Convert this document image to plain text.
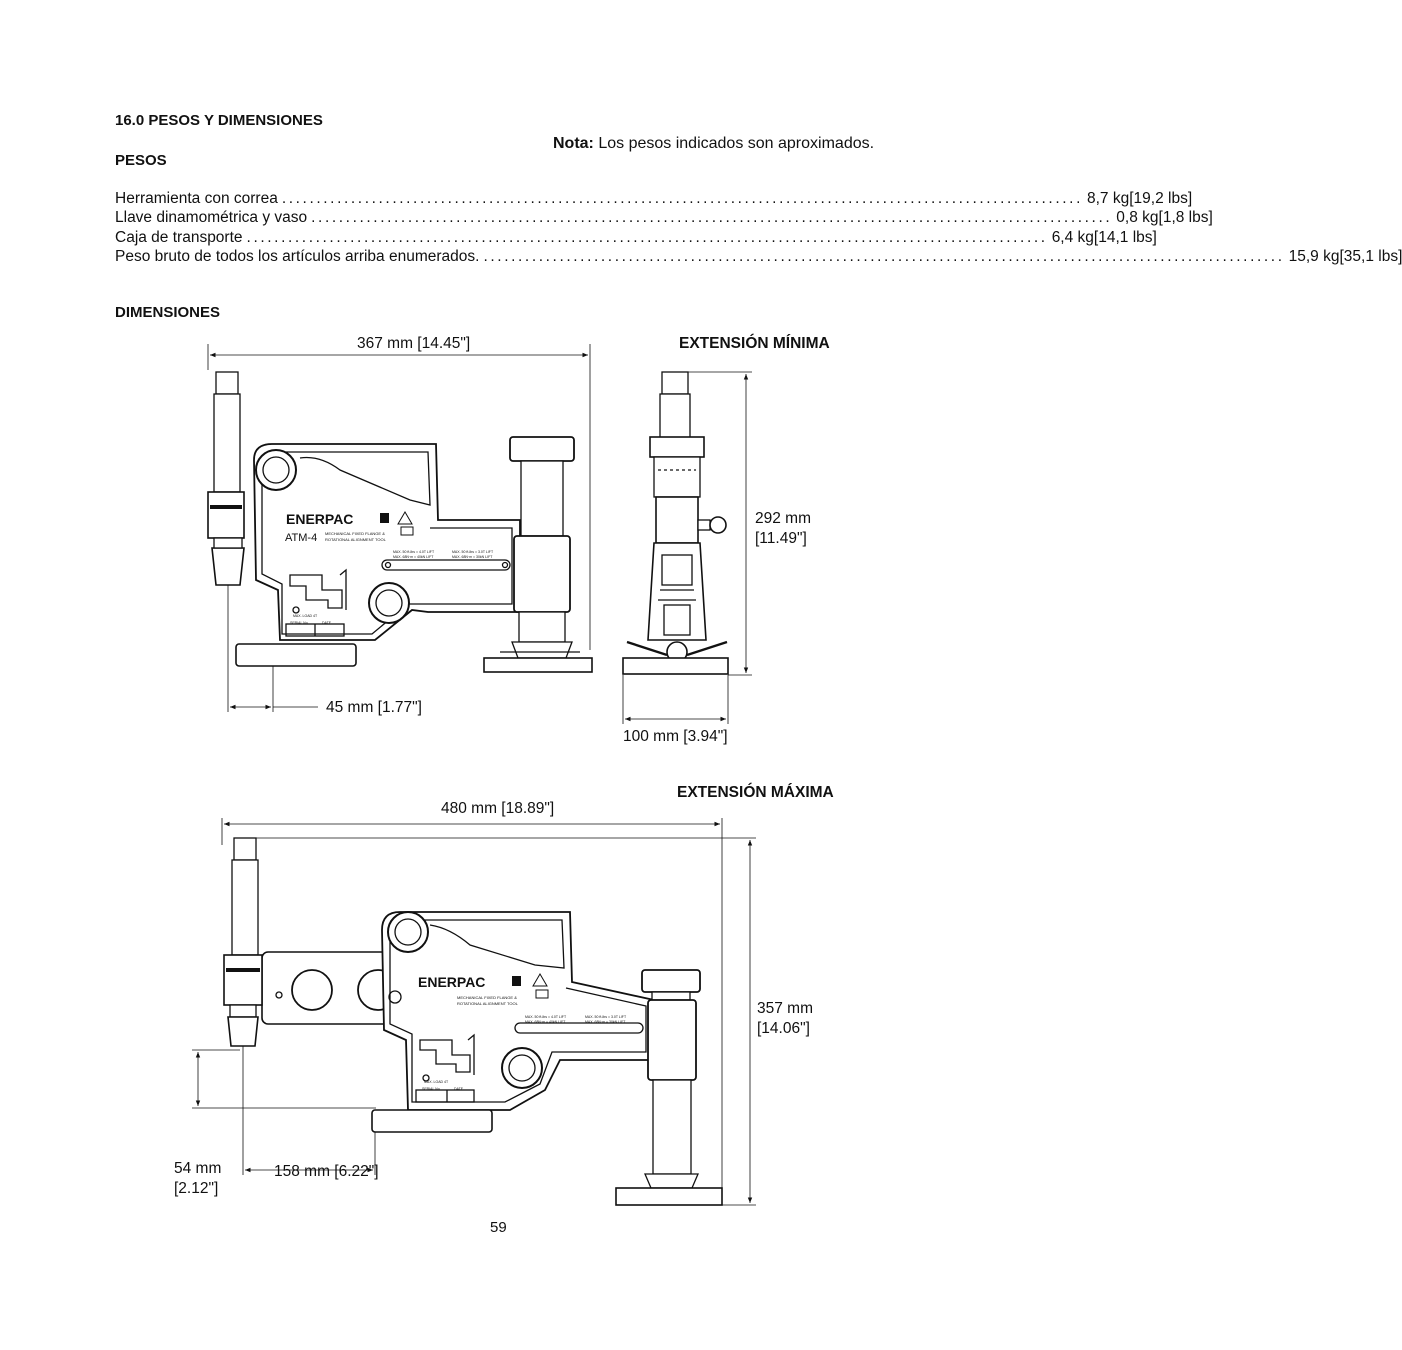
16.0 PESOS Y DIMENSIONES
Nota: Los pesos indicados son aproximados.
PESOS
Herramienta con correa .................................................................................................................... 8,7 kg [19,2 lbs]
Llave dinamométrica y vaso .................................................................................................................... 0,8 kg [1,8 lbs]
Caja de transporte .................................................................................................................... 6,4 kg [14,1 lbs]
Peso bruto de todos los artículos arriba enumerados. .................................................................................................................... 15,9 kg [35,1 lbs]
DIMENSIONES
367 mm [14.45"]	EXTENSIÓN MÍNIMA
292 mm
[11.49"]
45 mm [1.77"]
100 mm [3.94"]
EXTENSIÓN MÁXIMA
480 mm [18.89"]
357 mm
[14.06"]
54 mm
[2.12"]
158 mm [6.22"]
59
ENERPAC
ATM-4 MECHANICAL FIXED FLANGE &
ROTATIONAL ALIGNMENT TOOL
MAX. 50 ft-lbs = 4.0T LIFT
MAX. 68N·m = 40kN LIFT
MAX. 50 ft-lbs = 3.0T LIFT
MAX. 68N·m = 30kN LIFT
MAX. LOAD 4T
SERIAL No.	DATE
ENERPAC
MECHANICAL FIXED FLANGE &
ROTATIONAL ALIGNMENT TOOL
MAX. 50 ft-lbs = 4.0T LIFT
MAX. 68N·m = 40kN LIFT
MAX. 50 ft-lbs = 3.0T LIFT
MAX. 68N·m = 30kN LIFT
MAX. LOAD 4T
SERIAL No.	DATE
